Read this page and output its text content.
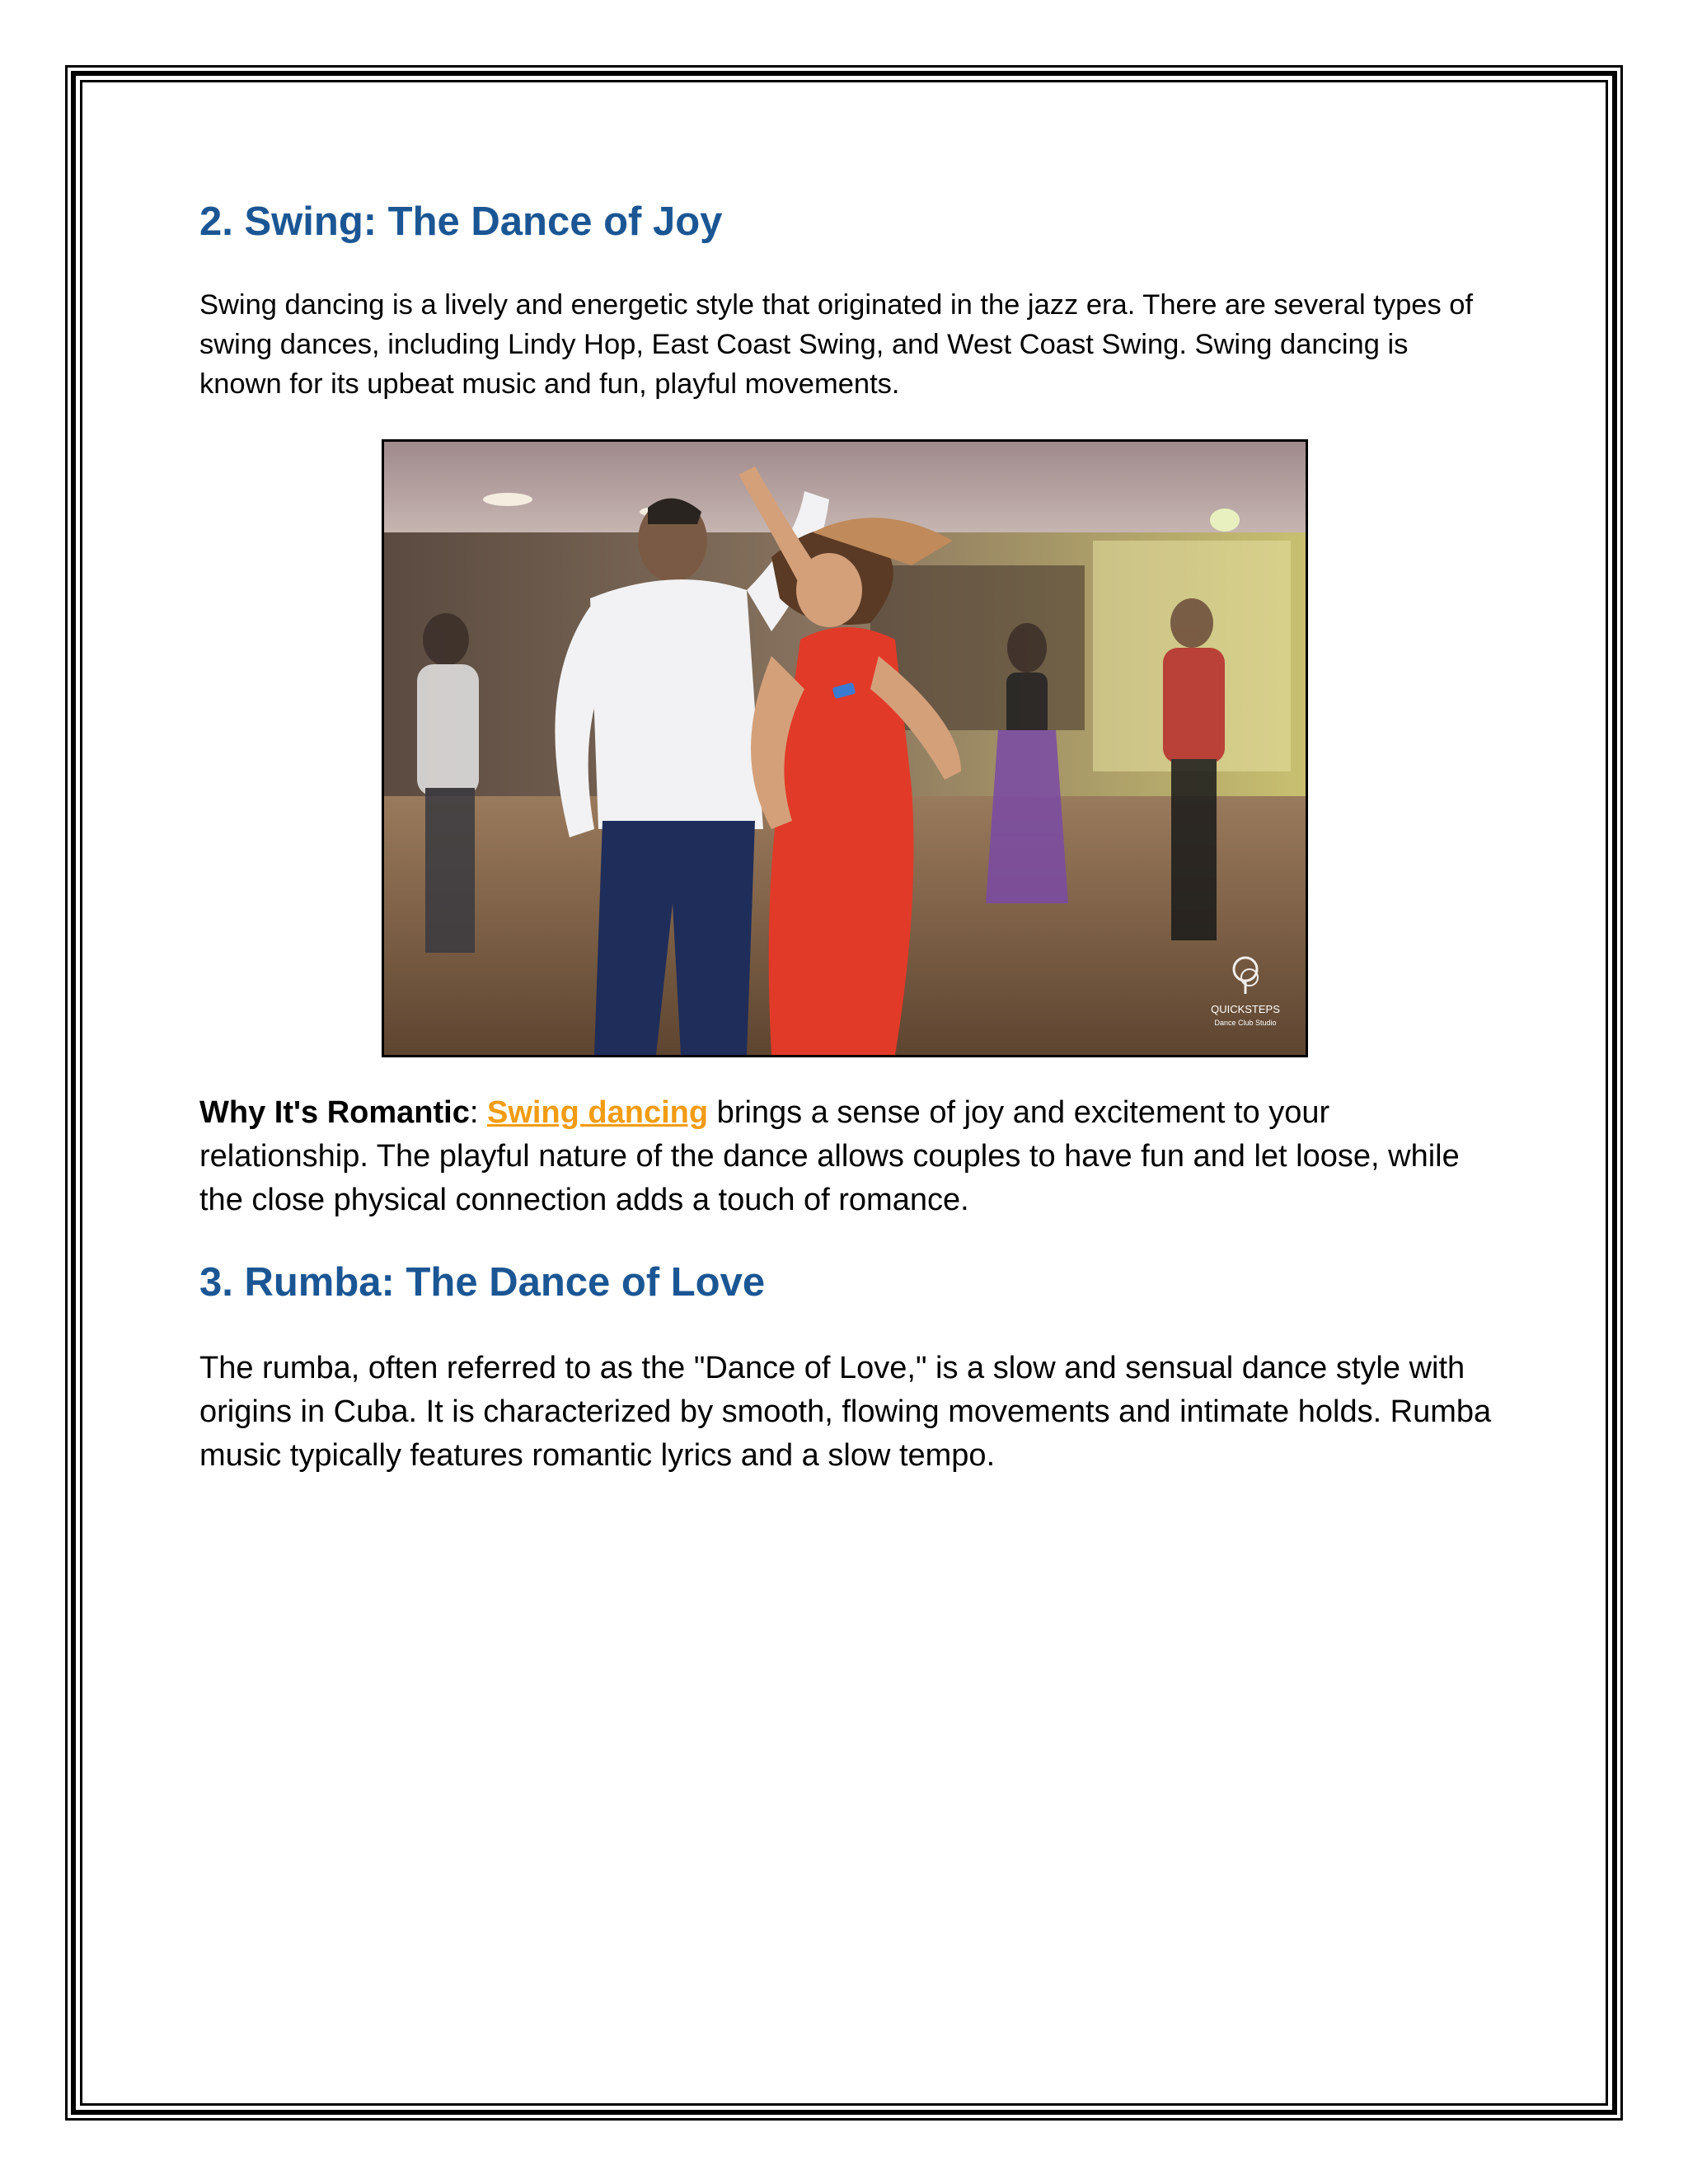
2. Swing: The Dance of Joy

Swing dancing is a lively and energetic style that originated in the jazz era. There are several types of swing dances, including Lindy Hop, East Coast Swing, and West Coast Swing. Swing dancing is known for its upbeat music and fun, playful movements.

Why It's Romantic: Swing dancing brings a sense of joy and excitement to your relationship. The playful nature of the dance allows couples to have fun and let loose, while the close physical connection adds a touch of romance.

3. Rumba: The Dance of Love

The rumba, often referred to as the "Dance of Love," is a slow and sensual dance style with origins in Cuba. It is characterized by smooth, flowing movements and intimate holds. Rumba music typically features romantic lyrics and a slow tempo.

QUICKSTEPS
Dance Club Studio
